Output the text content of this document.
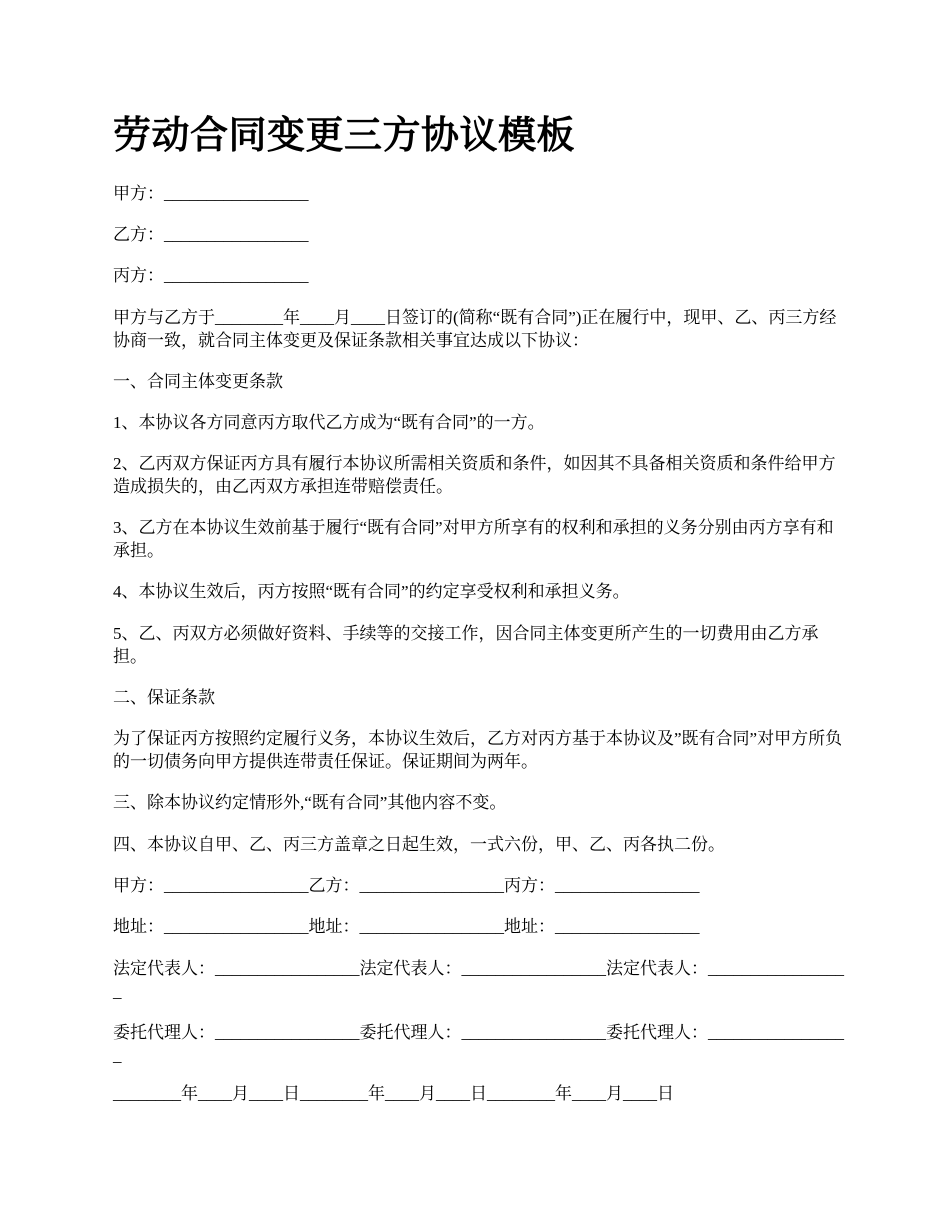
劳动合同变更三方协议模板

甲方：_________________

乙方：_________________

丙方：_________________

甲方与乙方于________年____月____日签订的(简称“既有合同”)正在履行中，现甲、乙、丙三方经协商一致，就合同主体变更及保证条款相关事宜达成以下协议：

一、合同主体变更条款

1、本协议各方同意丙方取代乙方成为“既有合同”的一方。

2、乙丙双方保证丙方具有履行本协议所需相关资质和条件，如因其不具备相关资质和条件给甲方造成损失的，由乙丙双方承担连带赔偿责任。

3、乙方在本协议生效前基于履行“既有合同”对甲方所享有的权利和承担的义务分别由丙方享有和承担。

4、本协议生效后，丙方按照“既有合同”的约定享受权利和承担义务。

5、乙、丙双方必须做好资料、手续等的交接工作，因合同主体变更所产生的一切费用由乙方承担。

二、保证条款

为了保证丙方按照约定履行义务，本协议生效后，乙方对丙方基于本协议及”既有合同”对甲方所负的一切债务向甲方提供连带责任保证。保证期间为两年。

三、除本协议约定情形外,“既有合同”其他内容不变。

四、本协议自甲、乙、丙三方盖章之日起生效，一式六份，甲、乙、丙各执二份。

甲方：_________________乙方：_________________丙方：_________________

地址：_________________地址：_________________地址：_________________

法定代表人：_________________法定代表人：_________________法定代表人：_________________

委托代理人：_________________委托代理人：_________________委托代理人：_________________

________年____月____日________年____月____日________年____月____日
